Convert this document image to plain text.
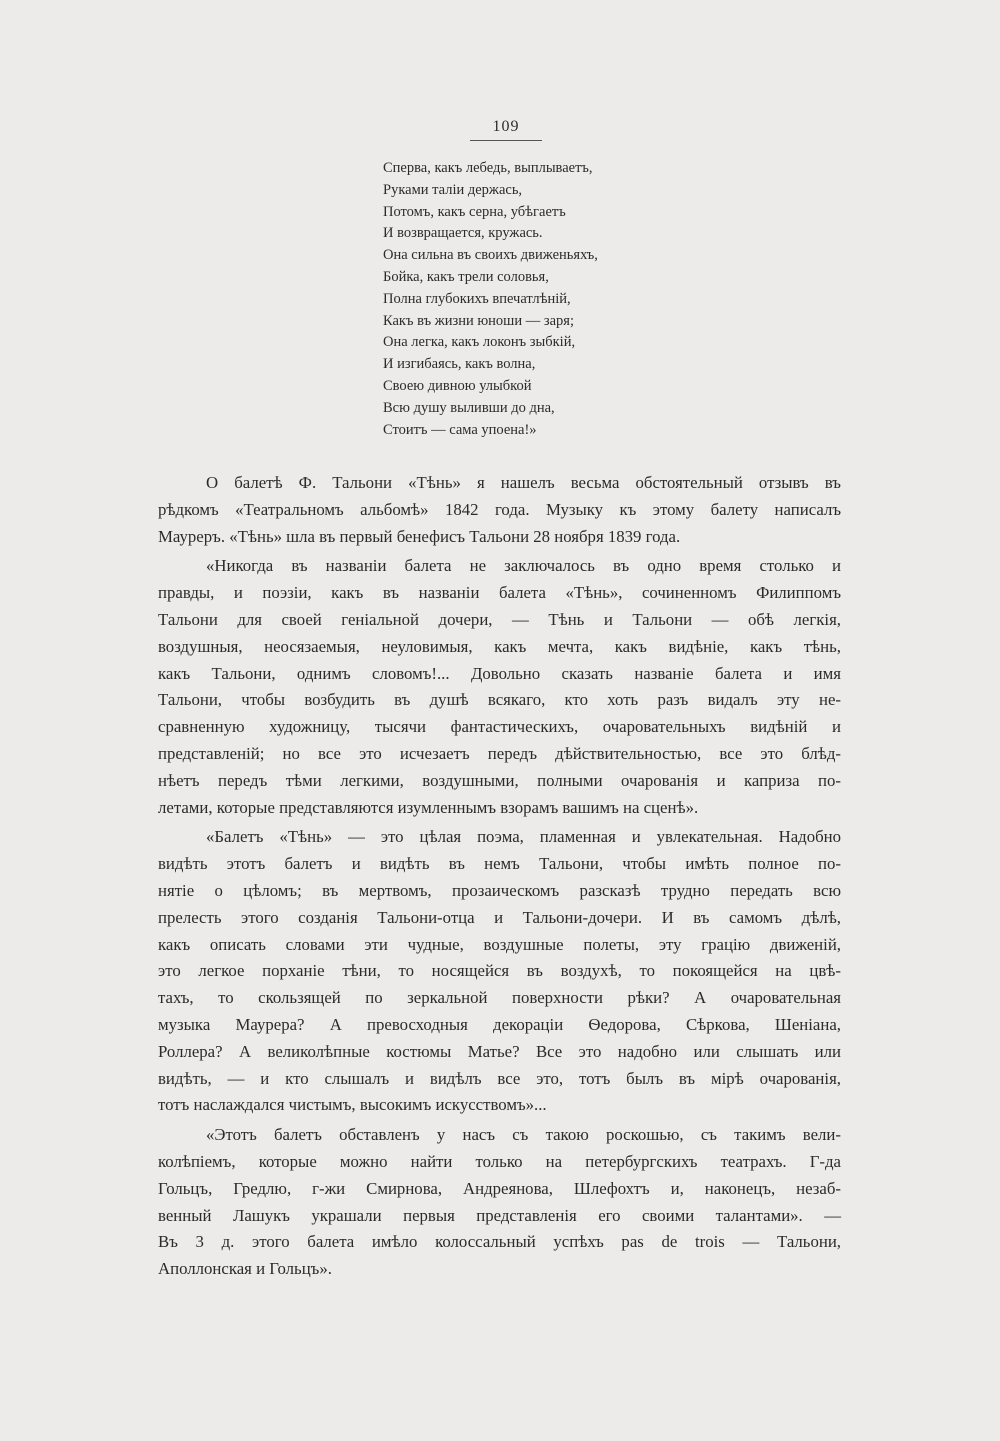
109
Сперва, какъ лебедь, выплываетъ,
Руками таліи держась,
Потомъ, какъ серна, убѣгаетъ
И возвращается, кружась.
Она сильна въ своихъ движеньяхъ,
Бойка, какъ трели соловья,
Полна глубокихъ впечатлѣній,
Какъ въ жизни юноши — заря;
Она легка, какъ локонъ зыбкій,
И изгибаясь, какъ волна,
Своею дивною улыбкой
Всю душу выливши до дна,
Стоитъ — сама упоена!»
О балетѣ Ф. Тальони «Тѣнь» я нашелъ весьма обстоятельный отзывъ въ
рѣдкомъ «Театральномъ альбомѣ» 1842 года. Музыку къ этому балету написалъ
Маурeръ. «Тѣнь» шла въ первый бенефисъ Тальони 28 ноября 1839 года.
«Никогда въ названіи балета не заключалось въ одно время столько и
правды, и поэзіи, какъ въ названіи балета «Тѣнь», сочиненномъ Филиппомъ
Тальони для своей геніальной дочери, — Тѣнь и Тальони — обѣ легкія,
воздушныя, неосязаемыя, неуловимыя, какъ мечта, какъ видѣніе, какъ тѣнь,
какъ Тальони, однимъ словомъ!... Довольно сказать названіе балета и имя
Тальони, чтобы возбудить въ душѣ всякаго, кто хоть разъ видалъ эту не-
сравненную художницу, тысячи фантастическихъ, очаровательныхъ видѣній и
представленій; но все это исчезаетъ передъ дѣйствительностью, все это блѣд-
нѣетъ передъ тѣми легкими, воздушными, полными очарованія и каприза по-
летами, которые представляются изумленнымъ взорамъ вашимъ на сценѣ».
«Балетъ «Тѣнь» — это цѣлая поэма, пламенная и увлекательная. Надобно
видѣть этотъ балетъ и видѣть въ немъ Тальони, чтобы имѣть полное по-
нятіе о цѣломъ; въ мертвомъ, прозаическомъ разсказѣ трудно передать всю
прелесть этого созданія Тальони-отца и Тальони-дочери. И въ самомъ дѣлѣ,
какъ описать словами эти чудные, воздушные полеты, эту грацію движеній,
это легкое порханіе тѣни, то носящейся въ воздухѣ, то покоящейся на цвѣ-
тахъ, то скользящей по зеркальной поверхности рѣки? А очаровательная
музыка Маурера? А превосходныя декораціи Ѳедорова, Сѣркова, Шеніана,
Роллера? А великолѣпные костюмы Матье? Все это надобно или слышать или
видѣть, — и кто слышалъ и видѣлъ все это, тотъ былъ въ мірѣ очарованія,
тотъ наслаждался чистымъ, высокимъ искусствомъ»...
«Этотъ балетъ обставленъ у насъ съ такою роскошью, съ такимъ вели-
колѣпіемъ, которые можно найти только на петербургскихъ театрахъ. Г-да
Гольцъ, Гредлю, г-жи Смирнова, Андреянова, Шлефохтъ и, наконецъ, незаб-
венный Лашукъ украшали первыя представленія его своими талантами». —
Въ 3 д. этого балета имѣло колоссальный успѣхъ pas de trois — Тальони,
Аполлонская и Гольцъ».
